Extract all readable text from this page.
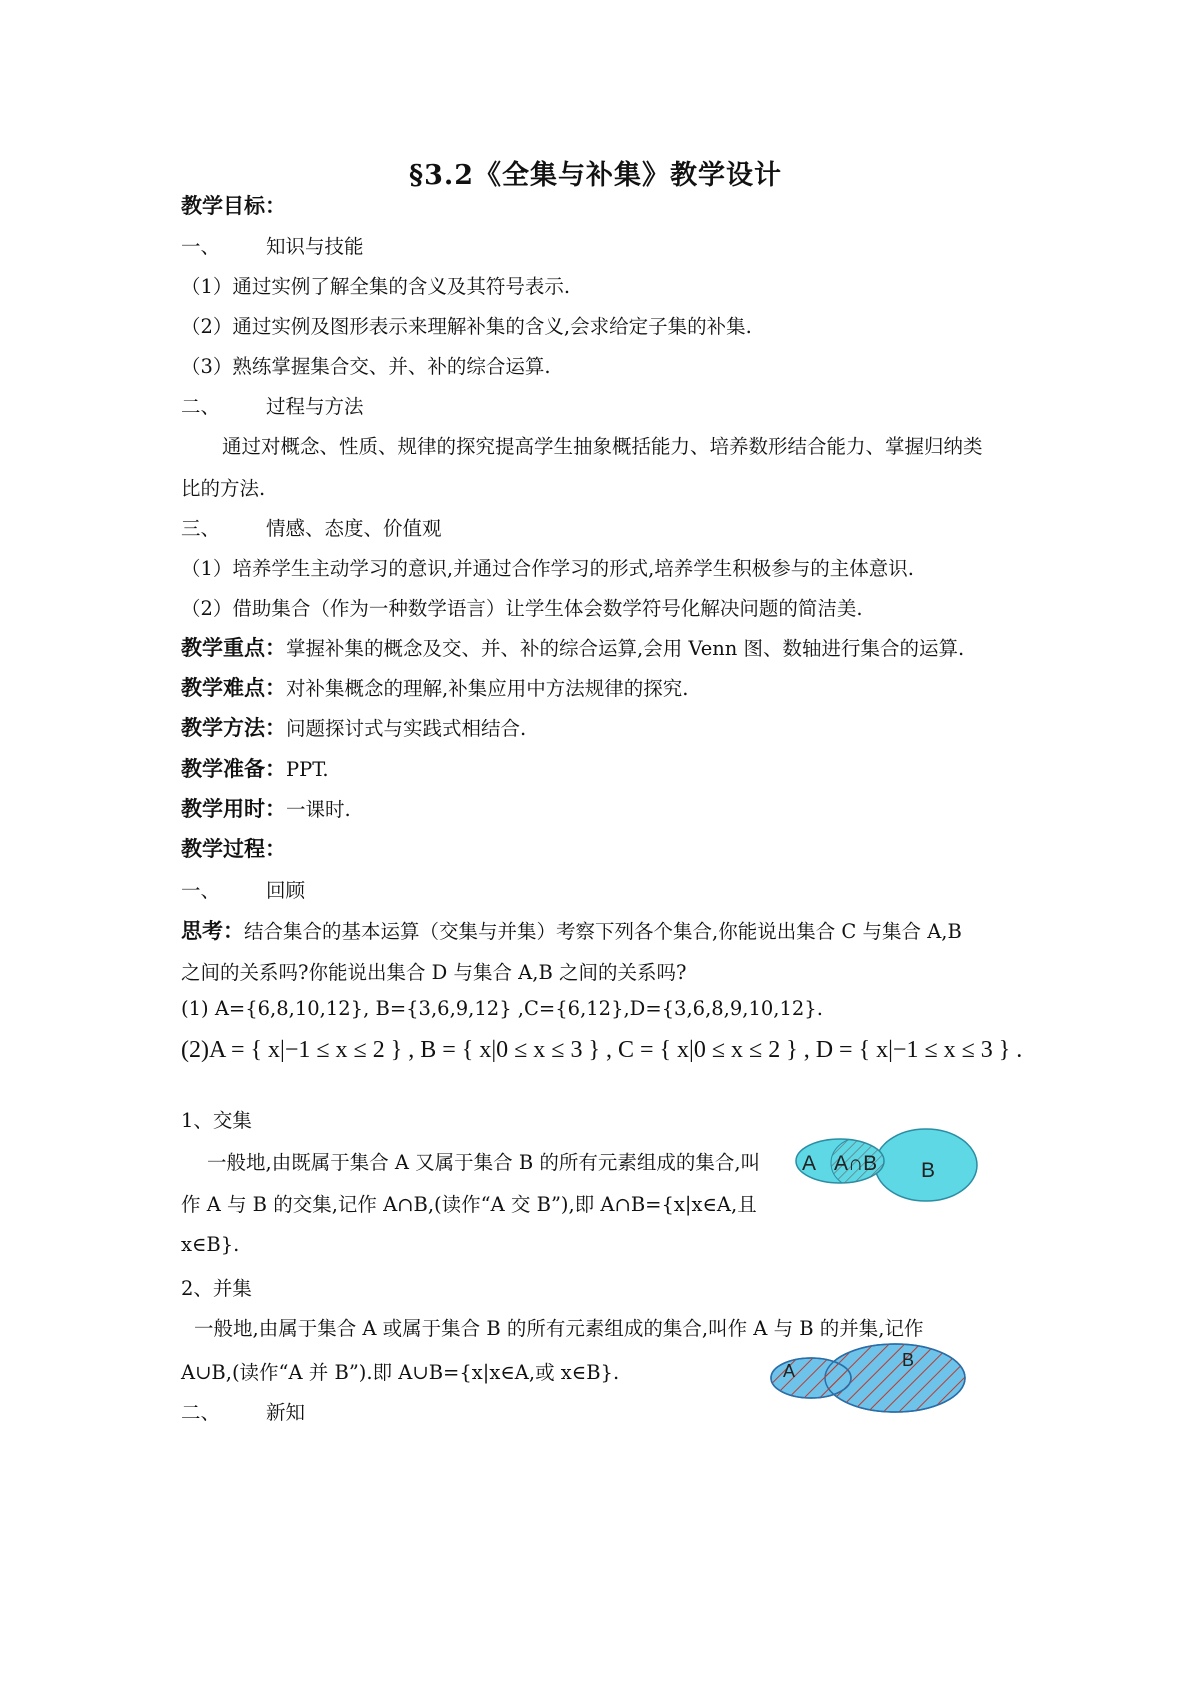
§3.2《全集与补集》教学设计
教学目标：
一、 知识与技能
（1）通过实例了解全集的含义及其符号表示.
（2）通过实例及图形表示来理解补集的含义,会求给定子集的补集.
（3）熟练掌握集合交、并、补的综合运算.
二、 过程与方法
通过对概念、性质、规律的探究提高学生抽象概括能力、培养数形结合能力、掌握归纳类
比的方法.
三、 情感、态度、价值观
（1）培养学生主动学习的意识,并通过合作学习的形式,培养学生积极参与的主体意识.
（2）借助集合（作为一种数学语言）让学生体会数学符号化解决问题的简洁美.
教学重点：掌握补集的概念及交、并、补的综合运算,会用 Venn 图、数轴进行集合的运算.
教学难点：对补集概念的理解,补集应用中方法规律的探究.
教学方法：问题探讨式与实践式相结合.
教学准备：PPT.
教学用时：一课时.
教学过程：
一、 回顾
思考：结合集合的基本运算（交集与并集）考察下列各个集合,你能说出集合 C 与集合 A,B
之间的关系吗?你能说出集合 D 与集合 A,B 之间的关系吗?
(1) A={6,8,10,12}, B={3,6,9,12} ,C={6,12},D={3,6,8,9,10,12}.
(2)A = { x|−1 ≤ x ≤ 2 } , B = { x|0 ≤ x ≤ 3 } , C = { x|0 ≤ x ≤ 2 } , D = { x|−1 ≤ x ≤ 3 } .
1、交集
一般地,由既属于集合 A 又属于集合 B 的所有元素组成的集合,叫
作 A 与 B 的交集,记作 A∩B,(读作“A 交 B”),即 A∩B={x|x∈A,且
x∈B}.
2、并集
一般地,由属于集合 A 或属于集合 B 的所有元素组成的集合,叫作 A 与 B 的并集,记作
A∪B,(读作“A 并 B”).即 A∪B={x|x∈A,或 x∈B}.
二、 新知
A A∩B B
A
B
